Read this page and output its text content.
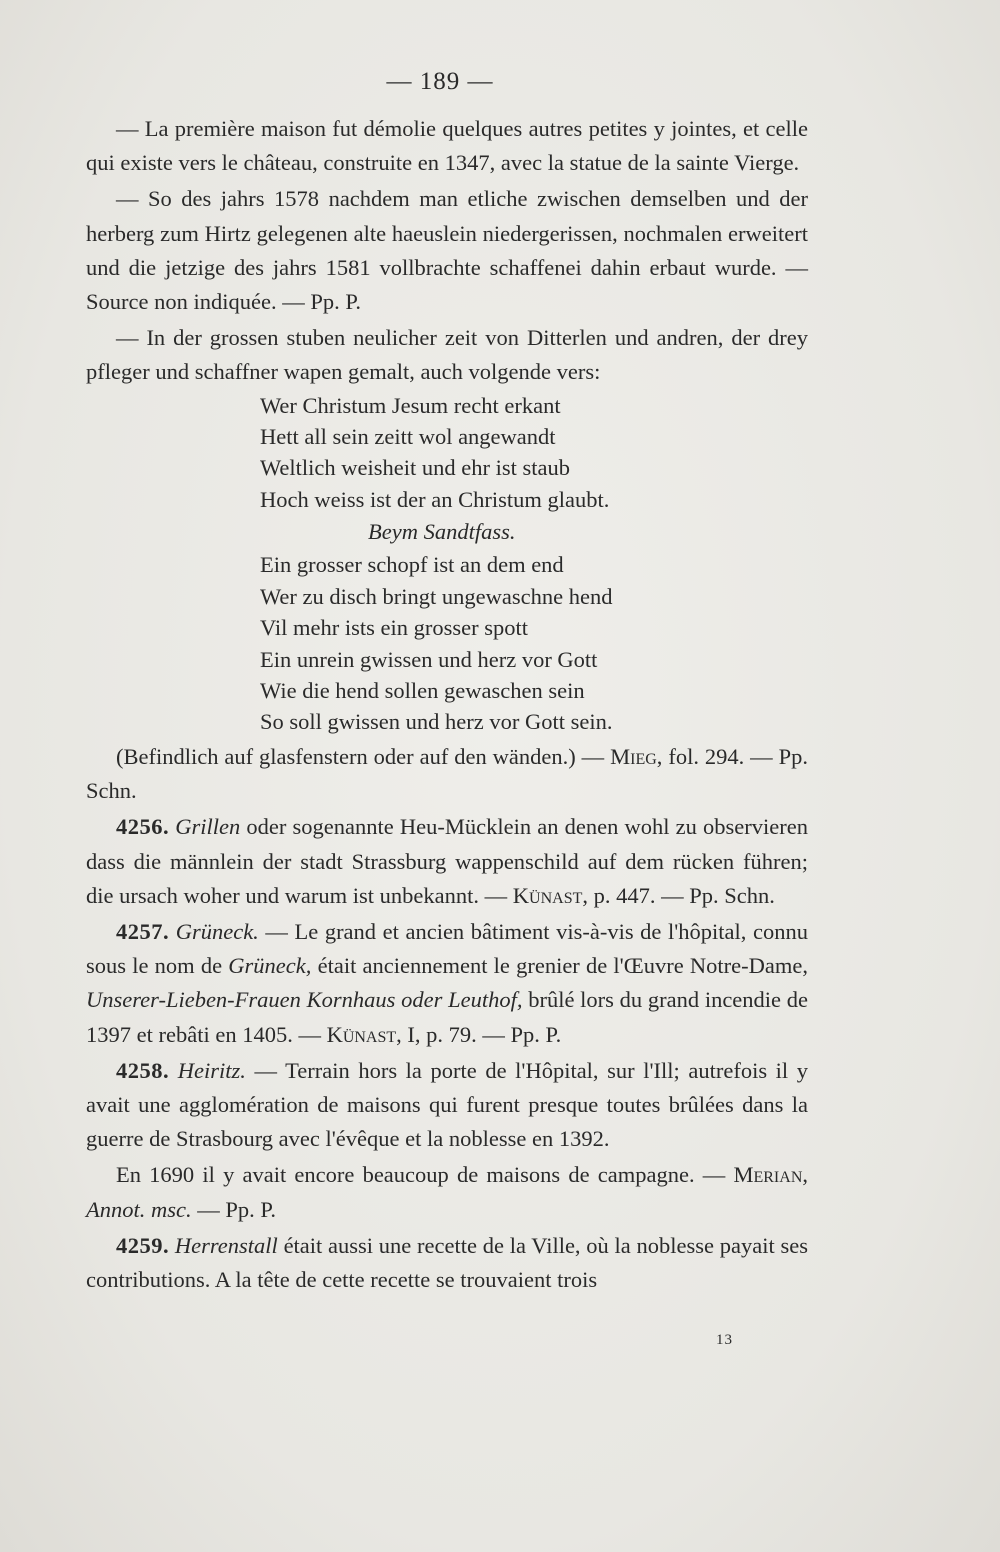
— 189 —

— La première maison fut démolie quelques autres petites y jointes, et celle qui existe vers le château, construite en 1347, avec la statue de la sainte Vierge.

— So des jahrs 1578 nachdem man etliche zwischen demselben und der herberg zum Hirtz gelegenen alte haeuslein niedergerissen, nochmalen erweitert und die jetzige des jahrs 1581 vollbrachte schaffenei dahin erbaut wurde. — Source non indiquée. — Pp. P.

— In der grossen stuben neulicher zeit von Ditterlen und andren, der drey pfleger und schaffner wapen gemalt, auch volgende vers:

Wer Christum Jesum recht erkant
Hett all sein zeitt wol angewandt
Weltlich weisheit und ehr ist staub
Hoch weiss ist der an Christum glaubt.

Beym Sandtfass.

Ein grosser schopf ist an dem end
Wer zu disch bringt ungewaschne hend
Vil mehr ists ein grosser spott
Ein unrein gwissen und herz vor Gott
Wie die hend sollen gewaschen sein
So soll gwissen und herz vor Gott sein.

(Befindlich auf glasfenstern oder auf den wänden.) — Mieg, fol. 294. — Pp. Schn.

4256. Grillen oder sogenannte Heu-Mücklein an denen wohl zu observieren dass die männlein der stadt Strassburg wappenschild auf dem rücken führen; die ursach woher und warum ist unbekannt. — Künast, p. 447. — Pp. Schn.

4257. Grüneck. — Le grand et ancien bâtiment vis-à-vis de l'hôpital, connu sous le nom de Grüneck, était anciennement le grenier de l'Œuvre Notre-Dame, Unserer-Lieben-Frauen Kornhaus oder Leuthof, brûlé lors du grand incendie de 1397 et rebâti en 1405. — Künast, I, p. 79. — Pp. P.

4258. Heiritz. — Terrain hors la porte de l'Hôpital, sur l'Ill; autrefois il y avait une agglomération de maisons qui furent presque toutes brûlées dans la guerre de Strasbourg avec l'évêque et la noblesse en 1392.

En 1690 il y avait encore beaucoup de maisons de campagne. — Merian, Annot. msc. — Pp. P.

4259. Herrenstall était aussi une recette de la Ville, où la noblesse payait ses contributions. A la tête de cette recette se trouvaient trois

13
